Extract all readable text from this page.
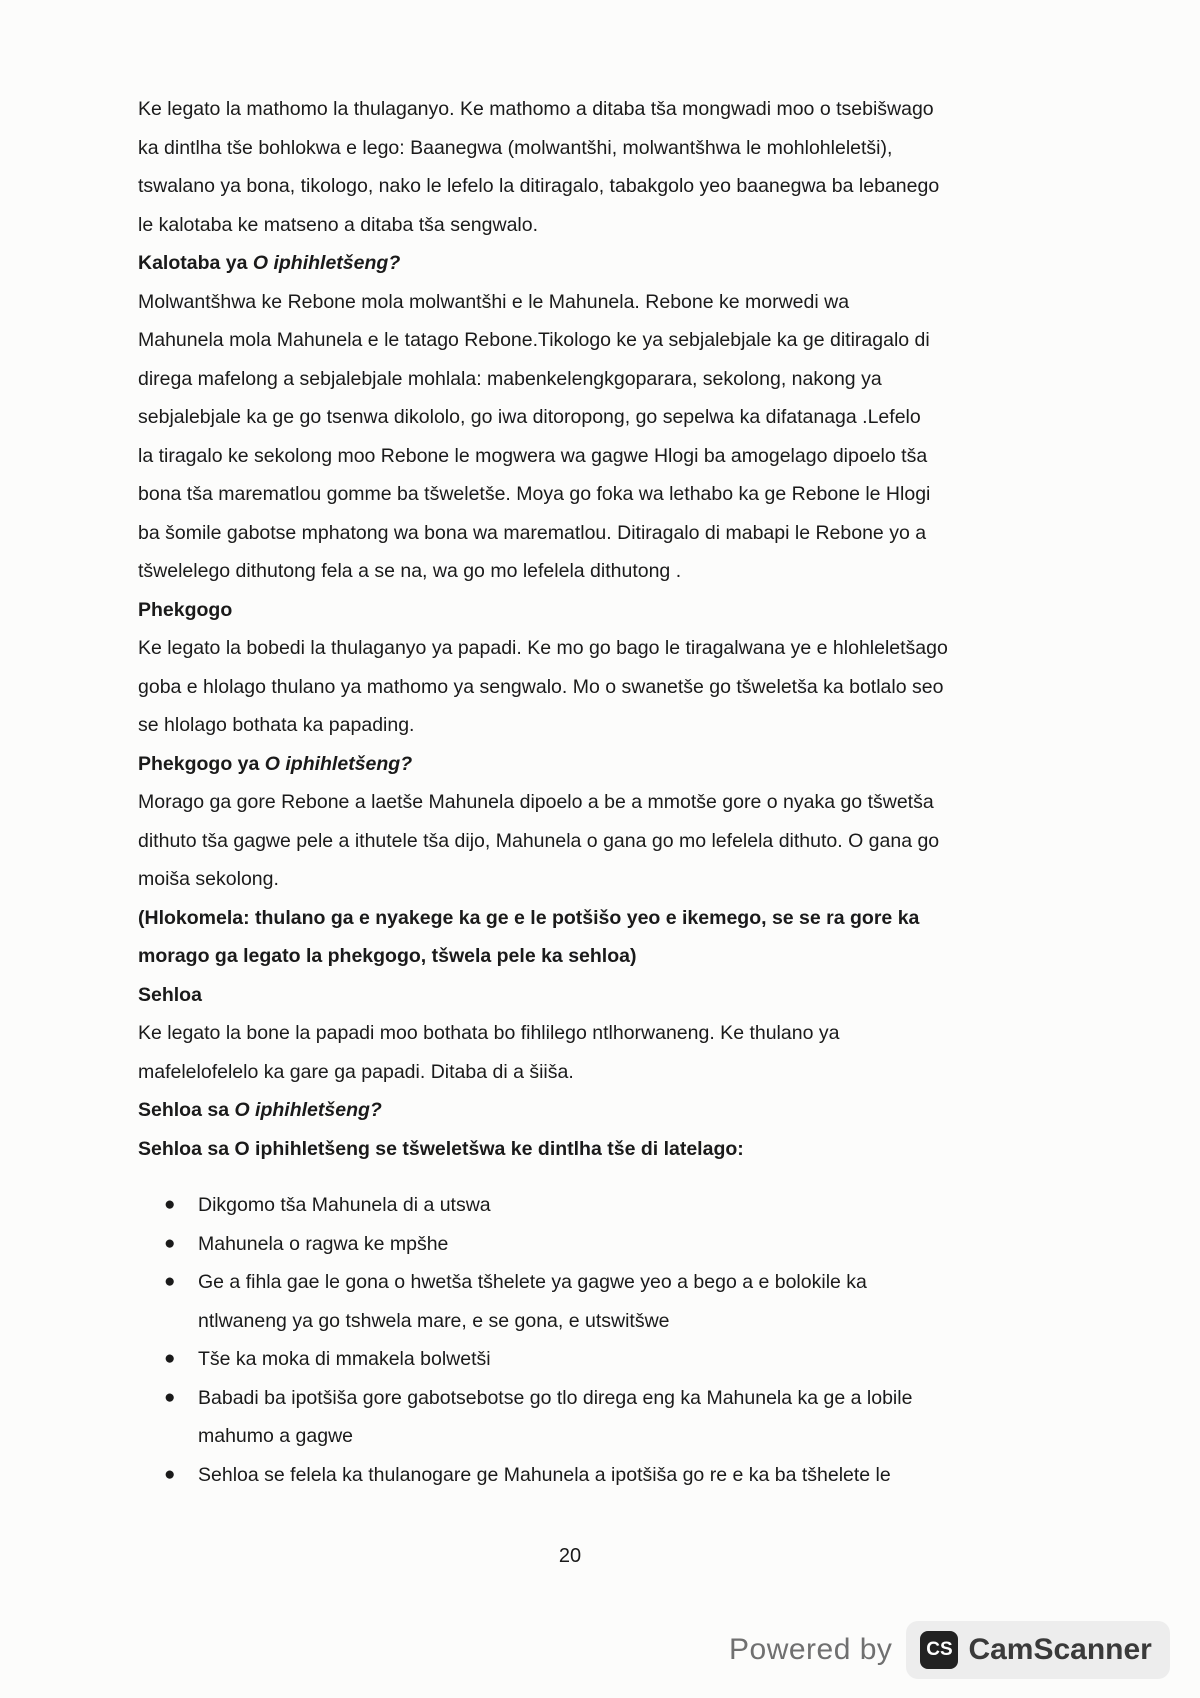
Ke legato la mathomo la thulaganyo. Ke mathomo a ditaba tša mongwadi moo o tsebišwago
ka dintlha tše bohlokwa e lego: Baanegwa (molwantšhi, molwantšhwa le mohlohleletši),
tswalano ya bona, tikologo, nako le lefelo la ditiragalo, tabakgolo yeo baanegwa ba lebanego
le kalotaba ke matseno a ditaba tša sengwalo.

Kalotaba ya O iphihletšeng?

Molwantšhwa ke Rebone mola molwantšhi e le Mahunela. Rebone ke morwedi wa
Mahunela mola Mahunela e le tatago Rebone.Tikologo ke ya sebjalebjale ka ge ditiragalo di
direga mafelong a sebjalebjale mohlala: mabenkelengkgoparara, sekolong, nakong ya
sebjalebjale ka ge go tsenwa dikololo, go iwa ditoropong, go sepelwa ka difatanaga .Lefelo
la tiragalo ke sekolong moo Rebone le mogwera wa gagwe Hlogi ba amogelago dipoelo tša
bona tša marematlou gomme ba tšweletše. Moya go foka wa lethabo ka ge Rebone le Hlogi
ba šomile gabotse mphatong wa bona wa marematlou. Ditiragalo di mabapi le Rebone yo a
tšwelelego dithutong fela a se na, wa go mo lefelela dithutong .

Phekgogo

Ke legato la bobedi la thulaganyo ya papadi. Ke mo go bago le tiragalwana ye e hlohleletšago
goba e hlolago thulano ya mathomo ya sengwalo. Mo o swanetše go tšweletša ka botlalo seo
se hlolago bothata ka papading.

Phekgogo ya O iphihletšeng?

Morago ga gore Rebone a laetše Mahunela dipoelo a be a mmotše gore o nyaka go tšwetša
dithuto tša gagwe pele a ithutele tša dijo, Mahunela o gana go mo lefelela dithuto. O gana go
moiša sekolong.

(Hlokomela: thulano ga e nyakege ka ge e le potšišo yeo e ikemego, se se ra gore ka
morago ga legato la phekgogo, tšwela pele ka sehloa)

Sehloa

Ke legato la bone la papadi moo bothata bo fihlilego ntlhorwaneng. Ke thulano ya
mafelelofelelo ka gare ga papadi. Ditaba di a šiiša.

Sehloa sa O iphihletšeng?

Sehloa sa O iphihletšeng se tšweletšwa ke dintlha tše di latelago:

● Dikgomo tša Mahunela di a utswa
● Mahunela o ragwa ke mpšhe
● Ge a fihla gae le gona o hwetša tšhelete ya gagwe yeo a bego a e bolokile ka
ntlwaneng ya go tshwela mare, e se gona, e utswitšwe
● Tše ka moka di mmakela bolwetši
● Babadi ba ipotšiša gore gabotsebotse go tlo direga eng ka Mahunela ka ge a lobile
mahumo a gagwe
● Sehloa se felela ka thulanogare ge Mahunela a ipotšiša go re e ka ba tšhelete le
20
Powered by	CS CamScanner
